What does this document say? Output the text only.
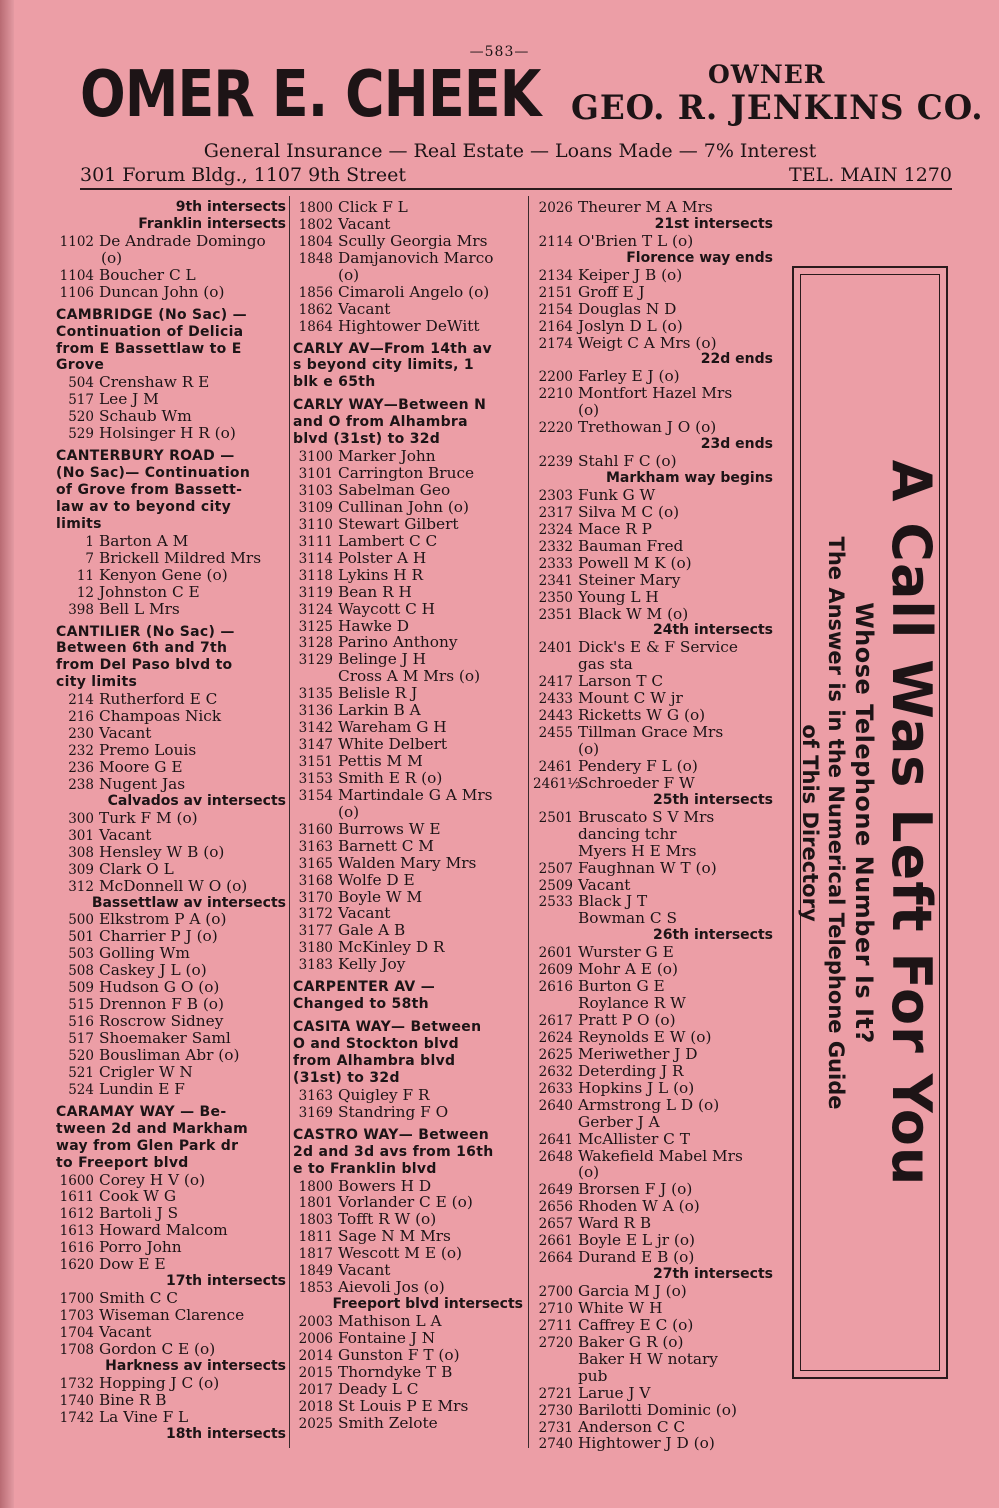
—583—
OMER E. CHEEK	OWNER
GEO. R. JENKINS CO.
General Insurance — Real Estate — Loans Made — 7% Interest
301 Forum Bldg., 1107 9th Street	TEL. MAIN 1270
9th intersects
Franklin intersects
1102 De Andrade Domingo
(o)
1104 Boucher C L
1106 Duncan John (o)
CAMBRIDGE (No Sac) —
Continuation of Delicia
from E Bassettlaw to E
Grove
504 Crenshaw R E
517 Lee J M
520 Schaub Wm
529 Holsinger H R (o)
CANTERBURY ROAD —
(No Sac)— Continuation
of Grove from Bassett-
law av to beyond city
limits
1 Barton A M
7 Brickell Mildred Mrs
11 Kenyon Gene (o)
12 Johnston C E
398 Bell L Mrs
CANTILIER (No Sac) —
Between 6th and 7th
from Del Paso blvd to
city limits
214 Rutherford E C
216 Champoas Nick
230 Vacant
232 Premo Louis
236 Moore G E
238 Nugent Jas
Calvados av intersects
300 Turk F M (o)
301 Vacant
308 Hensley W B (o)
309 Clark O L
312 McDonnell W O (o)
Bassettlaw av intersects
500 Elkstrom P A (o)
501 Charrier P J (o)
503 Golling Wm
508 Caskey J L (o)
509 Hudson G O (o)
515 Drennon F B (o)
516 Roscrow Sidney
517 Shoemaker Saml
520 Bousliman Abr (o)
521 Crigler W N
524 Lundin E F
CARAMAY WAY — Be-
tween 2d and Markham
way from Glen Park dr
to Freeport blvd
1600 Corey H V (o)
1611 Cook W G
1612 Bartoli J S
1613 Howard Malcom
1616 Porro John
1620 Dow E E
17th intersects
1700 Smith C C
1703 Wiseman Clarence
1704 Vacant
1708 Gordon C E (o)
Harkness av intersects
1732 Hopping J C (o)
1740 Bine R B
1742 La Vine F L
18th intersects
1800 Click F L
1802 Vacant
1804 Scully Georgia Mrs
1848 Damjanovich Marco
(o)
1856 Cimaroli Angelo (o)
1862 Vacant
1864 Hightower DeWitt
CARLY AV—From 14th av
s beyond city limits, 1
blk e 65th
CARLY WAY—Between N
and O from Alhambra
blvd (31st) to 32d
3100 Marker John
3101 Carrington Bruce
3103 Sabelman Geo
3109 Cullinan John (o)
3110 Stewart Gilbert
3111 Lambert C C
3114 Polster A H
3118 Lykins H R
3119 Bean R H
3124 Waycott C H
3125 Hawke D
3128 Parino Anthony
3129 Belinge J H
Cross A M Mrs (o)
3135 Belisle R J
3136 Larkin B A
3142 Wareham G H
3147 White Delbert
3151 Pettis M M
3153 Smith E R (o)
3154 Martindale G A Mrs
(o)
3160 Burrows W E
3163 Barnett C M
3165 Walden Mary Mrs
3168 Wolfe D E
3170 Boyle W M
3172 Vacant
3177 Gale A B
3180 McKinley D R
3183 Kelly Joy
CARPENTER AV —
Changed to 58th
CASITA WAY— Between
O and Stockton blvd
from Alhambra blvd
(31st) to 32d
3163 Quigley F R
3169 Standring F O
CASTRO WAY— Between
2d and 3d avs from 16th
e to Franklin blvd
1800 Bowers H D
1801 Vorlander C E (o)
1803 Tofft R W (o)
1811 Sage N M Mrs
1817 Wescott M E (o)
1849 Vacant
1853 Aievoli Jos (o)
Freeport blvd intersects
2003 Mathison L A
2006 Fontaine J N
2014 Gunston F T (o)
2015 Thorndyke T B
2017 Deady L C
2018 St Louis P E Mrs
2025 Smith Zelote
2026 Theurer M A Mrs
21st intersects
2114 O'Brien T L (o)
Florence way ends
2134 Keiper J B (o)
2151 Groff E J
2154 Douglas N D
2164 Joslyn D L (o)
2174 Weigt C A Mrs (o)
22d ends
2200 Farley E J (o)
2210 Montfort Hazel Mrs
(o)
2220 Trethowan J O (o)
23d ends
2239 Stahl F C (o)
Markham way begins
2303 Funk G W
2317 Silva M C (o)
2324 Mace R P
2332 Bauman Fred
2333 Powell M K (o)
2341 Steiner Mary
2350 Young L H
2351 Black W M (o)
24th intersects
2401 Dick's E & F Service
gas sta
2417 Larson T C
2433 Mount C W jr
2443 Ricketts W G (o)
2455 Tillman Grace Mrs
(o)
2461 Pendery F L (o)
2461½Schroeder F W
25th intersects
2501 Bruscato S V Mrs
dancing tchr
Myers H E Mrs
2507 Faughnan W T (o)
2509 Vacant
2533 Black J T
Bowman C S
26th intersects
2601 Wurster G E
2609 Mohr A E (o)
2616 Burton G E
Roylance R W
2617 Pratt P O (o)
2624 Reynolds E W (o)
2625 Meriwether J D
2632 Deterding J R
2633 Hopkins J L (o)
2640 Armstrong L D (o)
Gerber J A
2641 McAllister C T
2648 Wakefield Mabel Mrs
(o)
2649 Brorsen F J (o)
2656 Rhoden W A (o)
2657 Ward R B
2661 Boyle E L jr (o)
2664 Durand E B (o)
27th intersects
2700 Garcia M J (o)
2710 White W H
2711 Caffrey E C (o)
2720 Baker G R (o)
Baker H W notary
pub
2721 Larue J V
2730 Barilotti Dominic (o)
2731 Anderson C C
2740 Hightower J D (o)
A Call Was Left For You
Whose Telephone Number Is It?
The Answer is in the Numerical Telephone Guide
of This Directory
